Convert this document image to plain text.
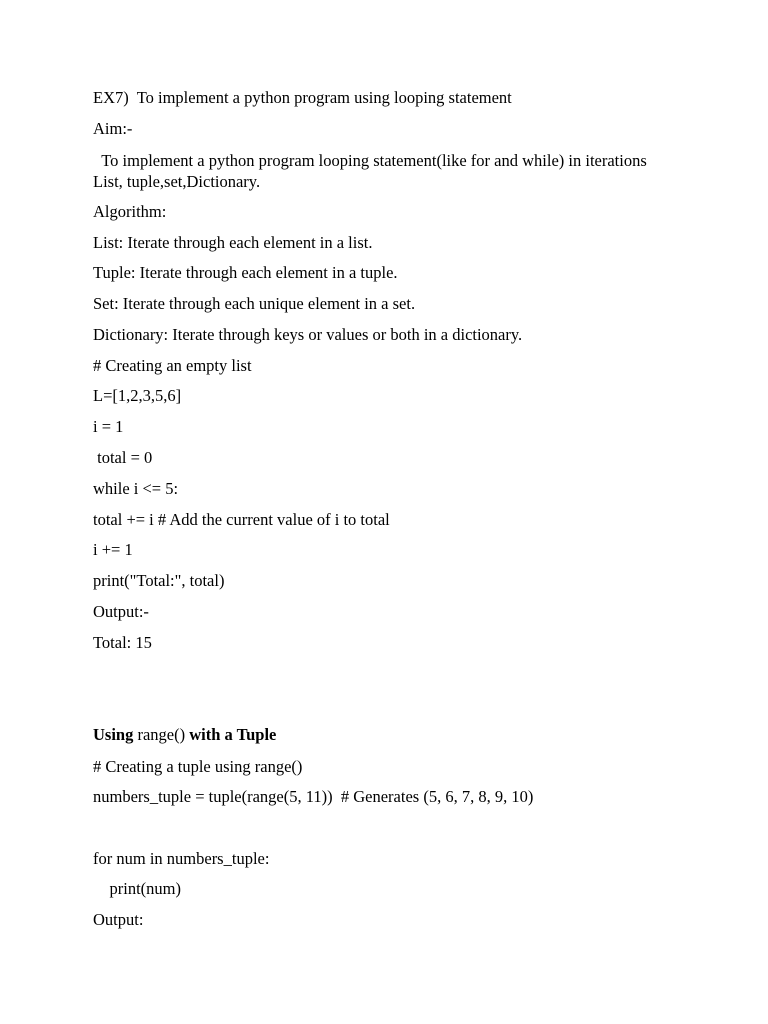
EX7)  To implement a python program using looping statement
Aim:-
To implement a python program looping statement(like for and while) in iterations List, tuple,set,Dictionary.
Algorithm:
List: Iterate through each element in a list.
Tuple: Iterate through each element in a tuple.
Set: Iterate through each unique element in a set.
Dictionary: Iterate through keys or values or both in a dictionary.
# Creating an empty list
L=[1,2,3,5,6]
i = 1
total = 0
while i <= 5:
total += i # Add the current value of i to total
i += 1
print("Total:", total)
Output:-
Total: 15
Using range() with a Tuple
# Creating a tuple using range()
numbers_tuple = tuple(range(5, 11))  # Generates (5, 6, 7, 8, 9, 10)
for num in numbers_tuple:
print(num)
Output:
